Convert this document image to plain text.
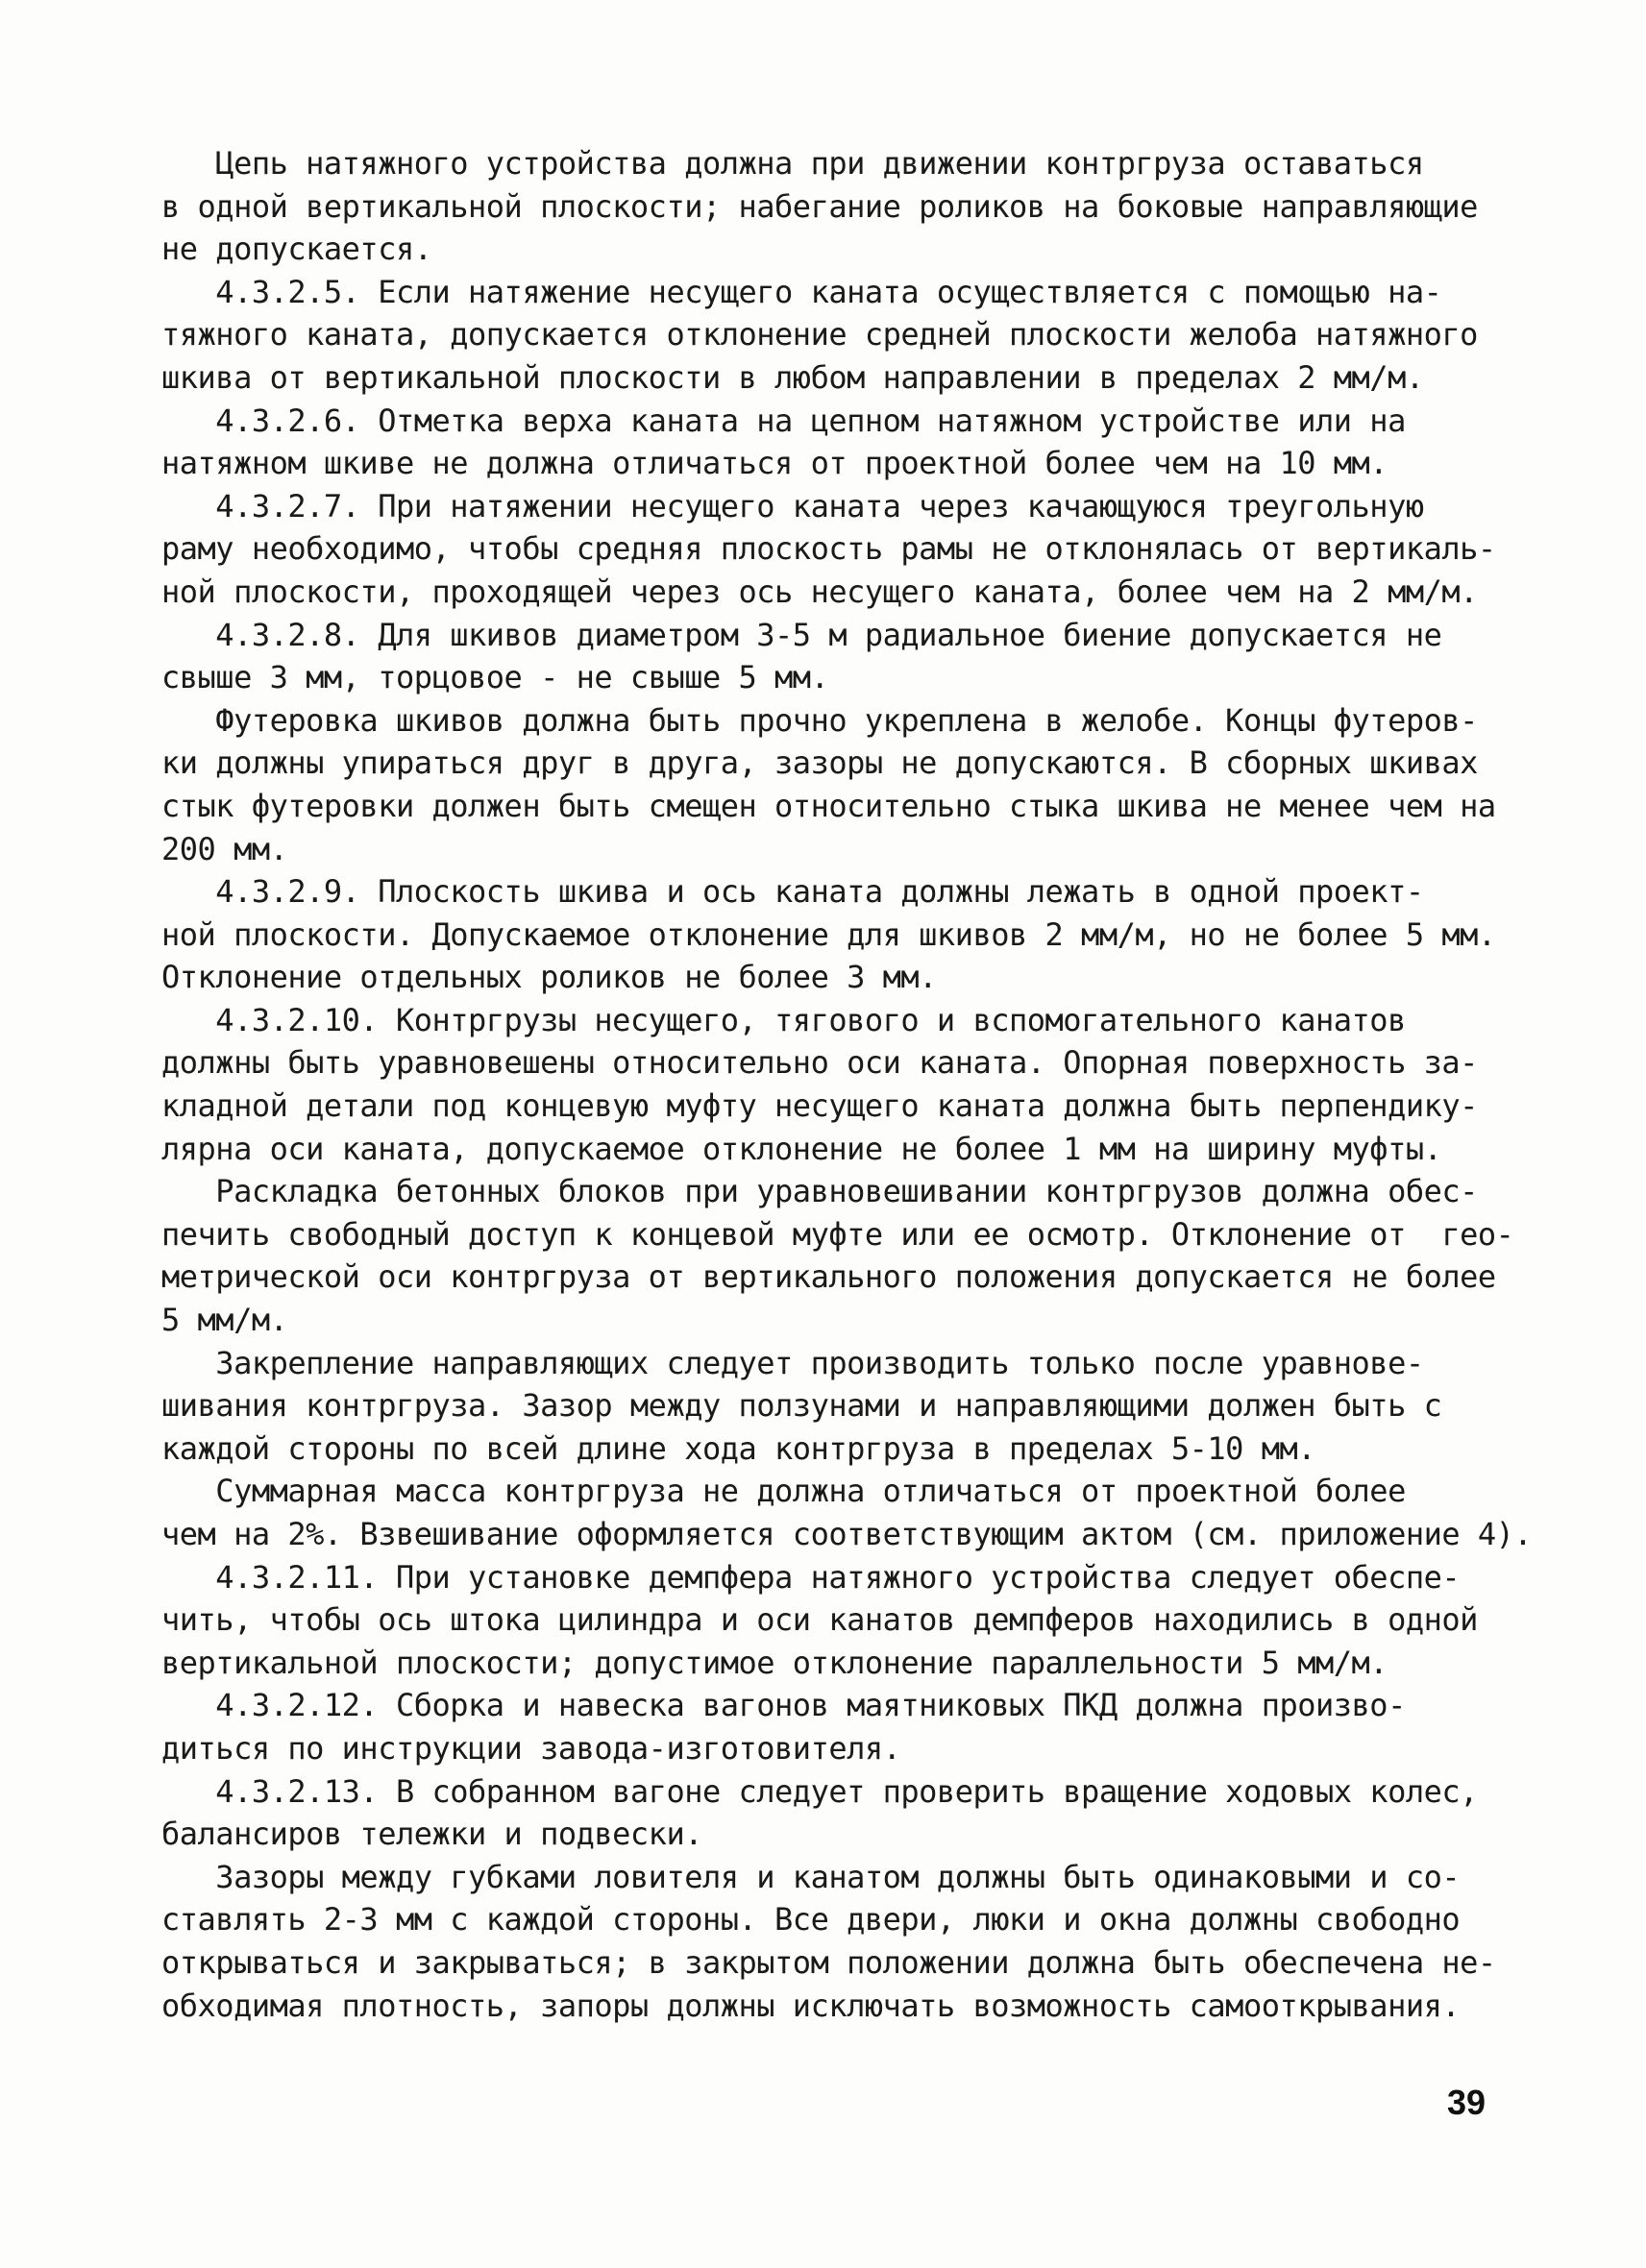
Цепь натяжного устройства должна при движении контргруза оставаться
в одной вертикальной плоскости; набегание роликов на боковые направляющие
не допускается.
4.3.2.5. Если натяжение несущего каната осуществляется с помощью на-
тяжного каната, допускается отклонение средней плоскости желоба натяжного
шкива от вертикальной плоскости в любом направлении в пределах 2 мм/м.
4.3.2.6. Отметка верха каната на цепном натяжном устройстве или на
натяжном шкиве не должна отличаться от проектной более чем на 10 мм.
4.3.2.7. При натяжении несущего каната через качающуюся треугольную
раму необходимо, чтобы средняя плоскость рамы не отклонялась от вертикаль-
ной плоскости, проходящей через ось несущего каната, более чем на 2 мм/м.
4.3.2.8. Для шкивов диаметром 3-5 м радиальное биение допускается не
свыше 3 мм, торцовое - не свыше 5 мм.
Футеровка шкивов должна быть прочно укреплена в желобе. Концы футеров-
ки должны упираться друг в друга, зазоры не допускаются. В сборных шкивах
стык футеровки должен быть смещен относительно стыка шкива не менее чем на
200 мм.
4.3.2.9. Плоскость шкива и ось каната должны лежать в одной проект-
ной плоскости. Допускаемое отклонение для шкивов 2 мм/м, но не более 5 мм.
Отклонение отдельных роликов не более 3 мм.
4.3.2.10. Контргрузы несущего, тягового и вспомогательного канатов
должны быть уравновешены относительно оси каната. Опорная поверхность за-
кладной детали под концевую муфту несущего каната должна быть перпендику-
лярна оси каната, допускаемое отклонение не более 1 мм на ширину муфты.
Раскладка бетонных блоков при уравновешивании контргрузов должна обес-
печить свободный доступ к концевой муфте или ее осмотр. Отклонение от  гео-
метрической оси контргруза от вертикального положения допускается не более
5 мм/м.
Закрепление направляющих следует производить только после уравнове-
шивания контргруза. Зазор между ползунами и направляющими должен быть с
каждой стороны по всей длине хода контргруза в пределах 5-10 мм.
Суммарная масса контргруза не должна отличаться от проектной более
чем на 2%. Взвешивание оформляется соответствующим актом (см. приложение 4).
4.3.2.11. При установке демпфера натяжного устройства следует обеспе-
чить, чтобы ось штока цилиндра и оси канатов демпферов находились в одной
вертикальной плоскости; допустимое отклонение параллельности 5 мм/м.
4.3.2.12. Сборка и навеска вагонов маятниковых ПКД должна произво-
диться по инструкции завода-изготовителя.
4.3.2.13. В собранном вагоне следует проверить вращение ходовых колес,
балансиров тележки и подвески.
Зазоры между губками ловителя и канатом должны быть одинаковыми и со-
ставлять 2-3 мм с каждой стороны. Все двери, люки и окна должны свободно
открываться и закрываться; в закрытом положении должна быть обеспечена не-
обходимая плотность, запоры должны исключать возможность самооткрывания.
39
